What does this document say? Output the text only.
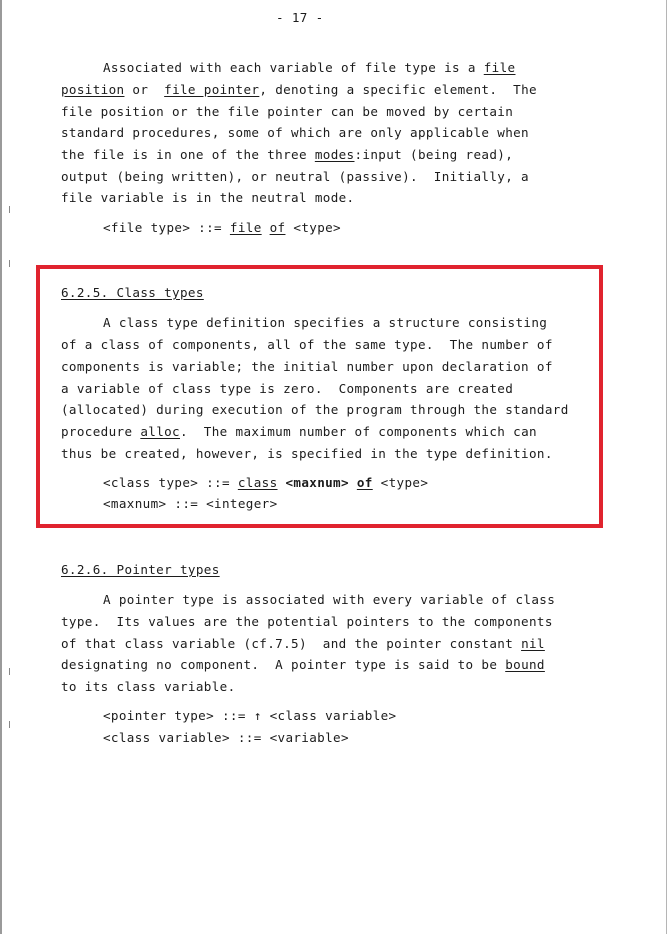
- 17 -
Associated with each variable of file type is a file
position or  file pointer, denoting a specific element.  The
file position or the file pointer can be moved by certain
standard procedures, some of which are only applicable when
the file is in one of the three modes:input (being read),
output (being written), or neutral (passive).  Initially, a
file variable is in the neutral mode.
<file type> ::= file of <type>
6.2.5. Class types
A class type definition specifies a structure consisting
of a class of components, all of the same type.  The number of
components is variable; the initial number upon declaration of
a variable of class type is zero.  Components are created
(allocated) during execution of the program through the standard
procedure alloc.  The maximum number of components which can
thus be created, however, is specified in the type definition.
<class type> ::= class <maxnum> of <type>
<maxnum> ::= <integer>
6.2.6. Pointer types
A pointer type is associated with every variable of class
type.  Its values are the potential pointers to the components
of that class variable (cf.7.5)  and the pointer constant nil
designating no component.  A pointer type is said to be bound
to its class variable.
<pointer type> ::= ↑ <class variable>
<class variable> ::= <variable>
